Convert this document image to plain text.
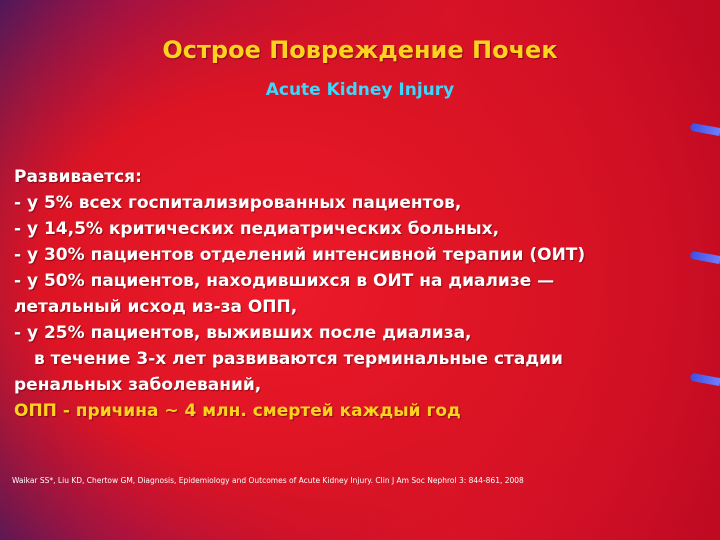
Острое Повреждение Почек
Acute Kidney Injury
Развивается:
- у 5% всех госпитализированных пациентов,
- у 14,5% критических педиатрических больных,
- у 30% пациентов отделений интенсивной терапии (ОИТ)
- у 50% пациентов, находившихся в ОИТ на диализе —
летальный исход из-за ОПП,
- у 25% пациентов, выживших после диализа,
в течение 3-х лет развиваются терминальные стадии
ренальных заболеваний,
ОПП - причина ~ 4 млн. смертей каждый год
Waikar SS*, Liu KD, Chertow GM, Diagnosis, Epidemiology and Outcomes of Acute Kidney Injury. Clin J Am Soc Nephrol 3: 844-861, 2008
